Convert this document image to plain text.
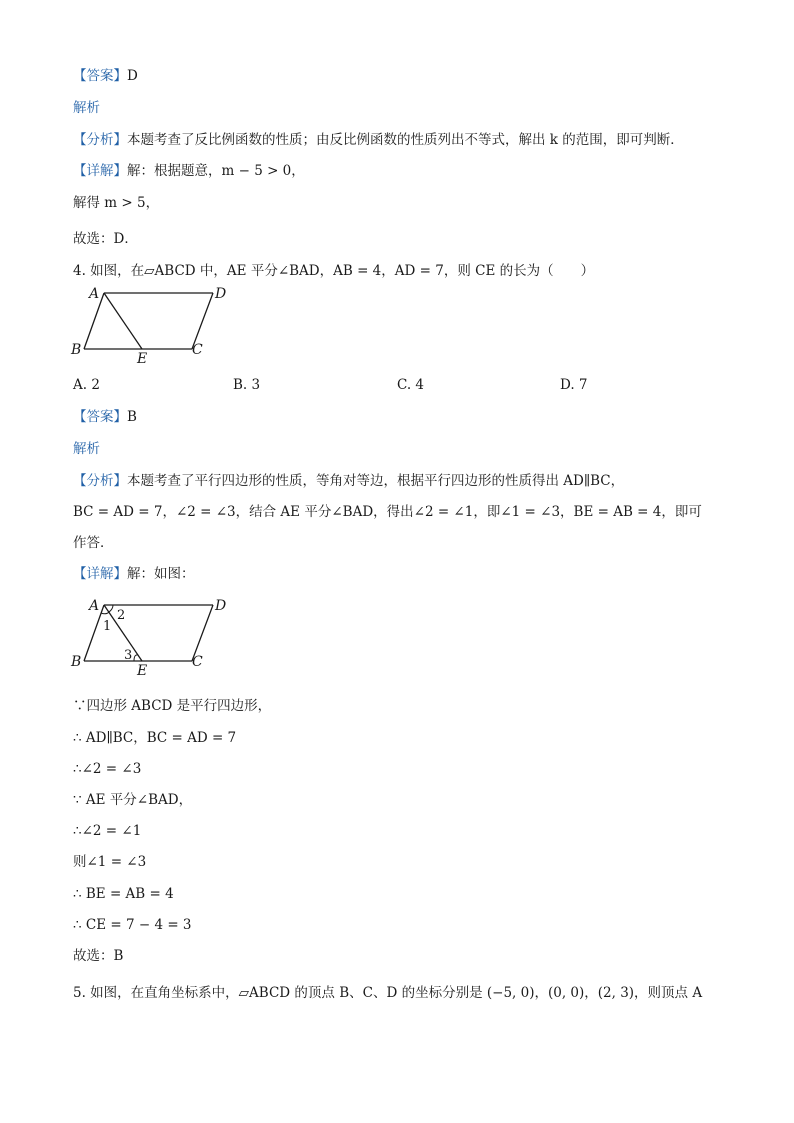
【答案】D
解析
【分析】本题考查了反比例函数的性质；由反比例函数的性质列出不等式，解出 k 的范围，即可判断．
【详解】解：根据题意，m − 5 > 0，
解得 m > 5，
故选：D．
4. 如图，在▱ABCD 中，AE 平分∠BAD，AB = 4，AD = 7，则 CE 的长为（　　）
A	D
B
E
C
A. 2	B. 3	C. 4	D. 7
【答案】B
解析
【分析】本题考查了平行四边形的性质，等角对等边，根据平行四边形的性质得出 AD∥BC，
BC = AD = 7，∠2 = ∠3，结合 AE 平分∠BAD，得出∠2 = ∠1，即∠1 = ∠3，BE = AB = 4，即可
作答．
【详解】解：如图：
A	D
B
E
C
1
2
3
∵四边形 ABCD 是平行四边形，
∴ AD∥BC，BC = AD = 7
∴∠2 = ∠3
∵ AE 平分∠BAD，
∴∠2 = ∠1
则∠1 = ∠3
∴ BE = AB = 4
∴ CE = 7 − 4 = 3
故选：B
5. 如图，在直角坐标系中，▱ABCD 的顶点 B、C、D 的坐标分别是 (−5, 0)，(0, 0)，(2, 3)，则顶点 A
